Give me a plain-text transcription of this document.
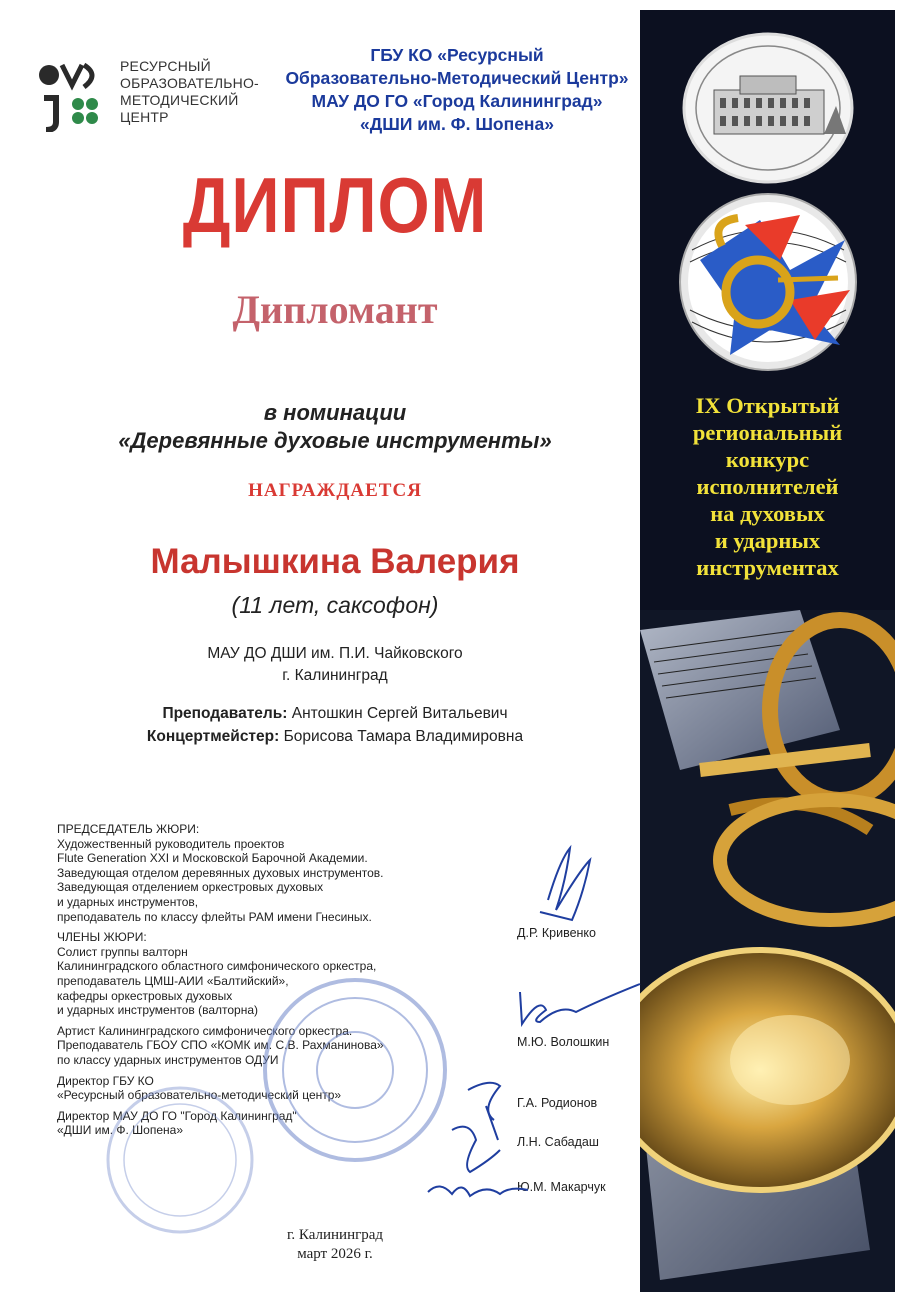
РЕСУРСНЫЙ
ОБРАЗОВАТЕЛЬНО-
МЕТОДИЧЕСКИЙ
ЦЕНТР
ГБУ КО «Ресурсный
Образовательно-Методический Центр»
МАУ ДО ГО «Город Калининград»
«ДШИ им. Ф. Шопена»
ДИПЛОМ
Дипломант
в номинации
«Деревянные духовые инструменты»
НАГРАЖДАЕТСЯ
Малышкина Валерия
(11 лет, саксофон)
МАУ ДО ДШИ им. П.И. Чайковского
г. Калининград
Преподаватель: Антошкин Сергей Витальевич
Концертмейстер: Борисова Тамара Владимировна
ПРЕДСЕДАТЕЛЬ ЖЮРИ:
Художественный руководитель проектов
Flute Generation XXI и Московской Барочной Академии.
Заведующая отделом деревянных духовых инструментов.
Заведующая отделением оркестровых духовых
и ударных инструментов,
преподаватель по классу флейты РАМ имени Гнесиных.
ЧЛЕНЫ ЖЮРИ:
Солист группы валторн
Калининградского областного симфонического оркестра,
преподаватель ЦМШ-АИИ «Балтийский»,
кафедры оркестровых духовых
и ударных инструментов (валторна)
Артист Калининградского симфонического оркестра.
Преподаватель ГБОУ СПО «КОМК им. С.В. Рахманинова»
по классу ударных инструментов ОДУИ
Директор ГБУ КО
«Ресурсный образовательно-методический центр»
Директор МАУ ДО ГО "Город Калининград"
«ДШИ им. Ф. Шопена»
Д.Р. Кривенко
М.Ю. Волошкин
Г.А. Родионов
Л.Н. Сабадаш
Ю.М. Макарчук
г. Калининград
март 2026 г.
IX Открытый
региональный
конкурс
исполнителей
на духовых
и ударных
инструментах
